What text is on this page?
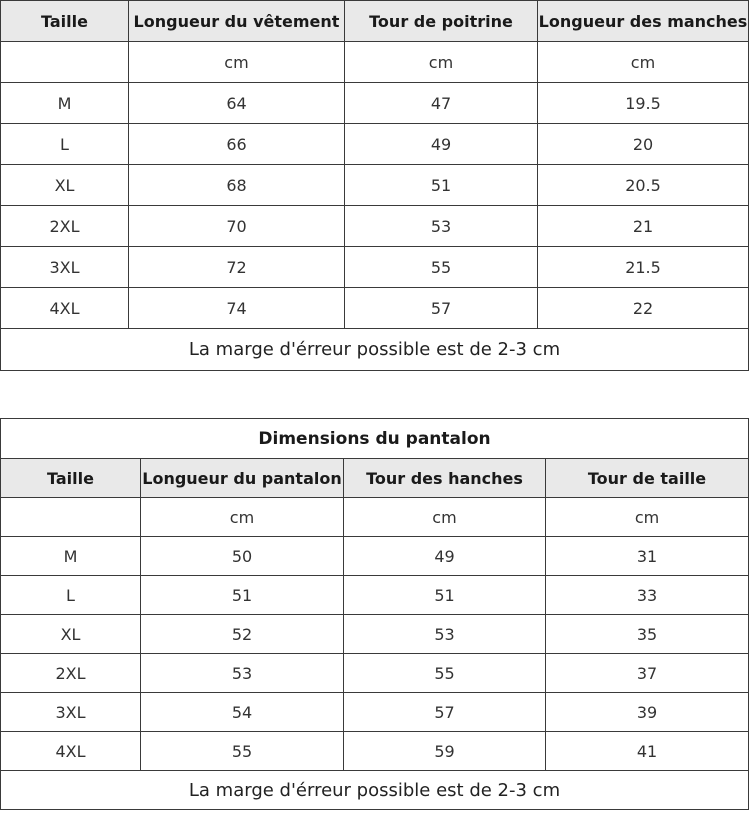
Taille	Longueur du vêtement	Tour de poitrine	Longueur des manches
	cm	cm	cm
M	64	47	19.5
L	66	49	20
XL	68	51	20.5
2XL	70	53	21
3XL	72	55	21.5
4XL	74	57	22
La marge d'érreur possible est de 2-3 cm			
Dimensions du pantalon			
Taille	Longueur du pantalon	Tour des hanches	Tour de taille
	cm	cm	cm
M	50	49	31
L	51	51	33
XL	52	53	35
2XL	53	55	37
3XL	54	57	39
4XL	55	59	41
La marge d'érreur possible est de 2-3 cm			
